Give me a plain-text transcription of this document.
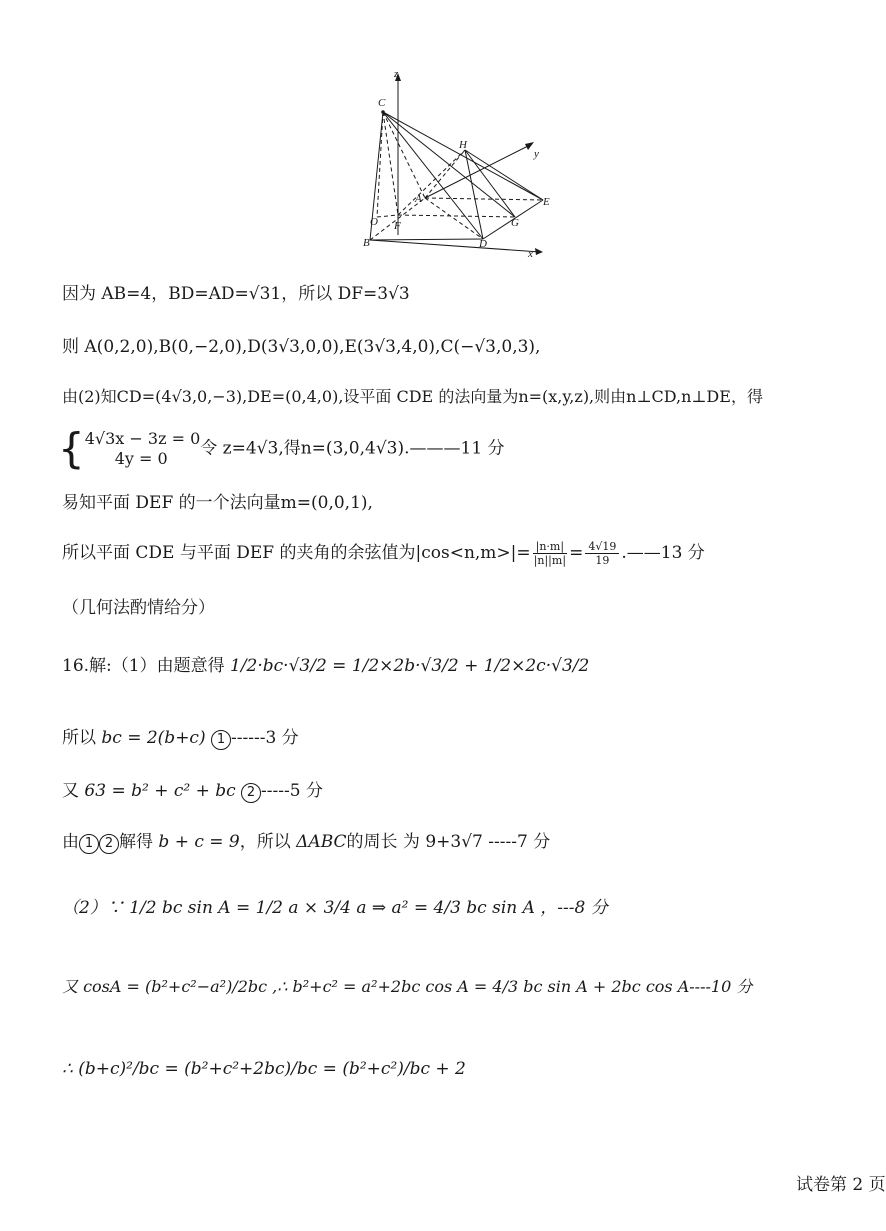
z
y
x
C
H
A	E
O F	G
B	D
因为 AB=4，BD=AD=√31，所以 DF=3√3
则 A(0,2,0),B(0,−2,0),D(3√3,0,0),E(3√3,4,0),C(−√3,0,3),
由(2)知CD=(4√3,0,−3),DE=(0,4,0),设平面 CDE 的法向量为n=(x,y,z),则由n⊥CD,n⊥DE，得
{ 4√3x − 3z = 0
4y = 0	令 z=4√3,得n=(3,0,4√3).———11 分
易知平面 DEF 的一个法向量m=(0,0,1),
所以平面 CDE 与平面 DEF 的夹角的余弦值为$|\cos<n,m>|= \frac{|n\cdot m|}{|n||m|} = \frac{4√19}{19}$ .——13 分
（几何法酌情给分）
16.解:（1）由题意得 1/2·bc·√3/2 = 1/2×2b·√3/2 + 1/2×2c·√3/2
所以 bc = 2(b+c) 1 ------3 分
又 63 = b² + c² + bc 2 -----5 分
由 1 2 解得 b + c = 9，所以 ΔABC的周长 为 9+3√7 -----7 分
（2）∵ 1/2 bc sin A = 1/2 a × 3/4 a ⇒ a² = 4/3 bc sin A ，---8 分
又 cosA = (b²+c²−a²)/2bc ,∴ b²+c² = a²+2bc cos A = 4/3 bc sin A + 2bc cos A----10 分
∴ (b+c)²/bc = (b²+c²+2bc)/bc = (b²+c²)/bc + 2
试卷第 2 页
